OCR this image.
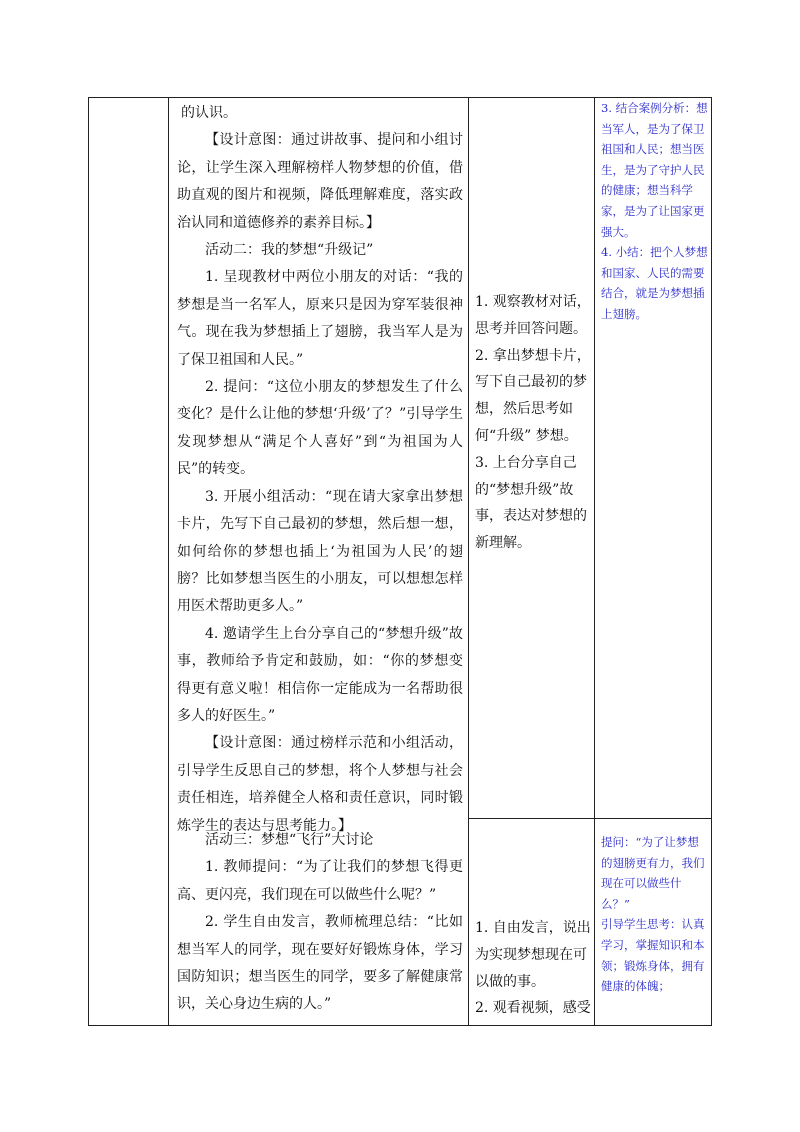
的认识。

【设计意图：通过讲故事、提问和小组讨论，让学生深入理解榜样人物梦想的价值，借助直观的图片和视频，降低理解难度，落实政治认同和道德修养的素养目标。】

活动二：我的梦想“升级记”

1. 呈现教材中两位小朋友的对话：“我的梦想是当一名军人，原来只是因为穿军装很神气。现在我为梦想插上了翅膀，我当军人是为了保卫祖国和人民。”

2. 提问：“这位小朋友的梦想发生了什么变化？是什么让他的梦想‘升级’了？”引导学生发现梦想从“满足个人喜好”到“为祖国为人民”的转变。

3. 开展小组活动：“现在请大家拿出梦想卡片，先写下自己最初的梦想，然后想一想，如何给你的梦想也插上‘为祖国为人民’的翅膀？比如梦想当医生的小朋友，可以想想怎样用医术帮助更多人。”

4. 邀请学生上台分享自己的“梦想升级”故事，教师给予肯定和鼓励，如：“你的梦想变得更有意义啦！相信你一定能成为一名帮助很多人的好医生。”

【设计意图：通过榜样示范和小组活动，引导学生反思自己的梦想，将个人梦想与社会责任相连，培养健全人格和责任意识，同时锻炼学生的表达与思考能力。】

活动三：梦想“飞行”大讨论

1. 教师提问：“为了让我们的梦想飞得更高、更闪亮，我们现在可以做些什么呢？”

2. 学生自由发言，教师梳理总结：“比如想当军人的同学，现在要好好锻炼身体，学习国防知识；想当医生的同学，要多了解健康常识，关心身边生病的人。”

1. 观察教材对话，思考并回答问题。

2. 拿出梦想卡片，写下自己最初的梦想，然后思考如何“升级” 梦想。

3. 上台分享自己的“梦想升级”故事，表达对梦想的新理解。

1. 自由发言，说出为实现梦想现在可以做的事。

2. 观看视频，感受

3. 结合案例分析：想当军人，是为了保卫祖国和人民；想当医生，是为了守护人民的健康；想当科学家，是为了让国家更强大。

4. 小结：把个人梦想和国家、人民的需要结合，就是为梦想插上翅膀。

提问：“为了让梦想的翅膀更有力，我们现在可以做些什么？”

引导学生思考：认真学习，掌握知识和本领；锻炼身体，拥有健康的体魄；
